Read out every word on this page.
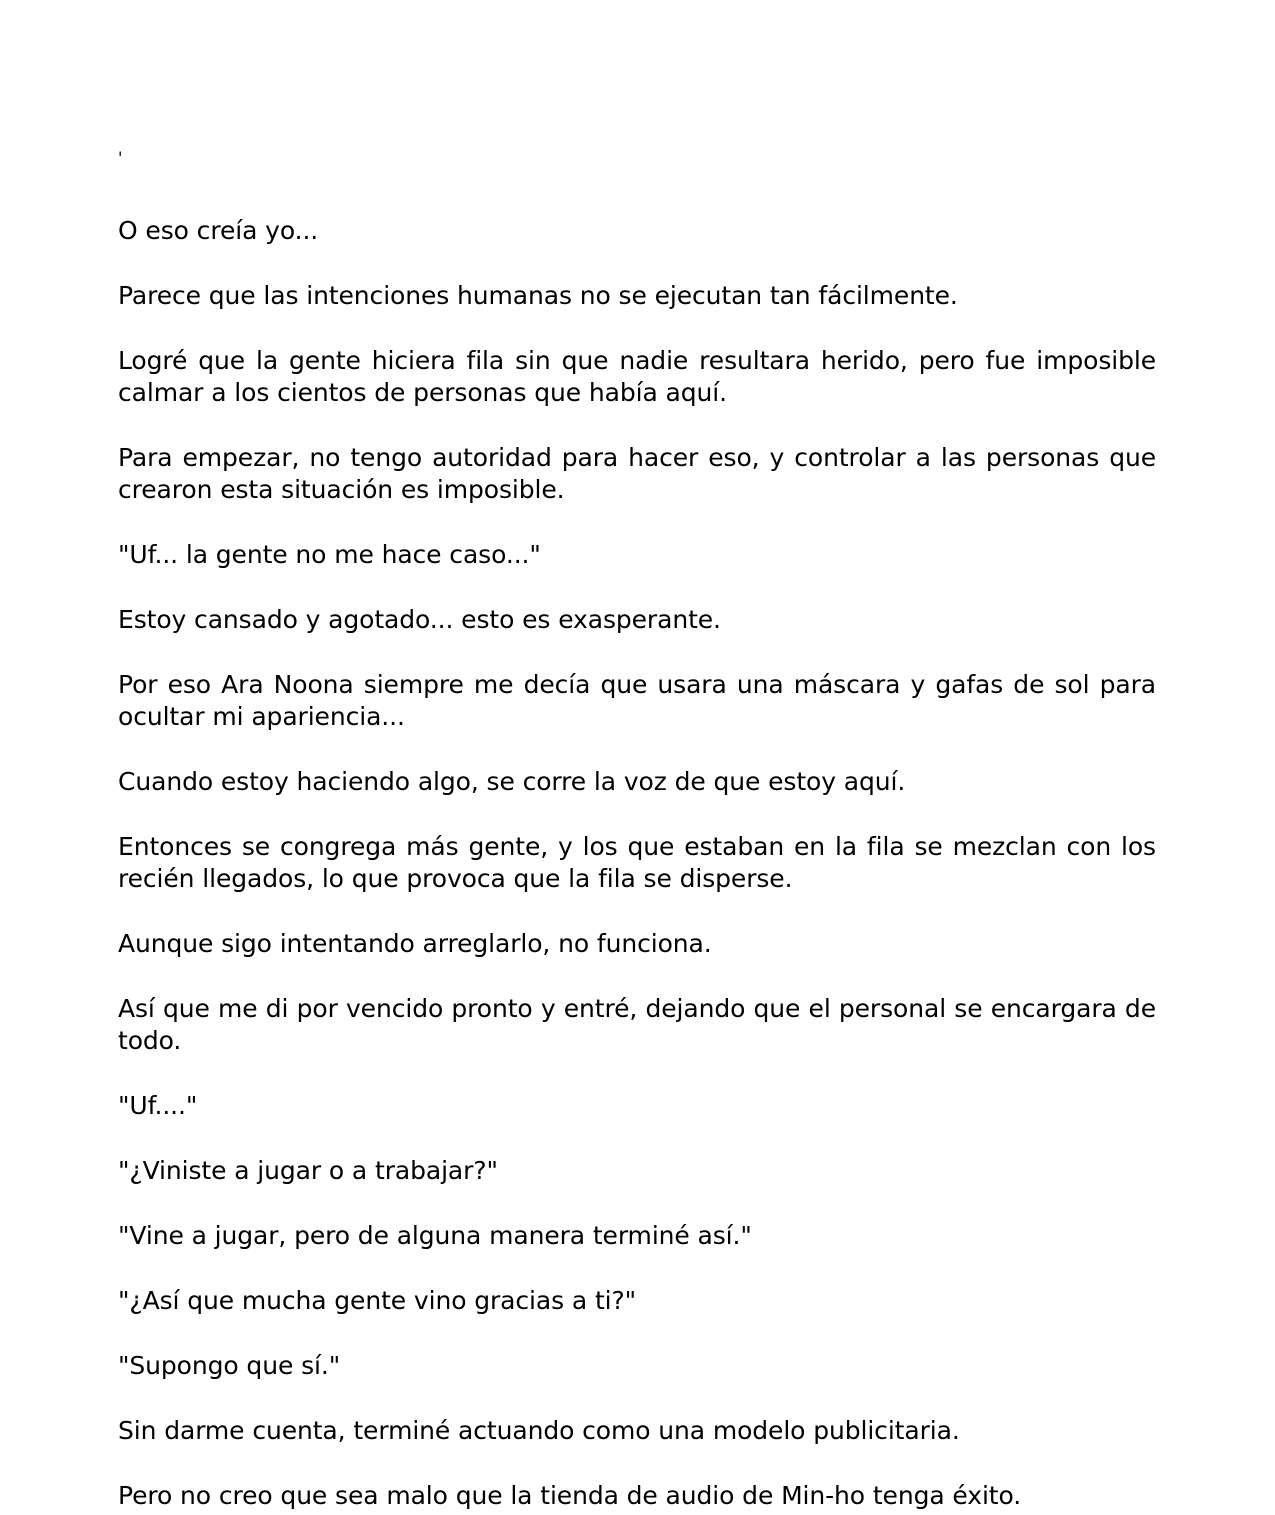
'

O eso creía yo...

Parece que las intenciones humanas no se ejecutan tan fácilmente.

Logré que la gente hiciera fila sin que nadie resultara herido, pero fue imposible calmar a los cientos de personas que había aquí.

Para empezar, no tengo autoridad para hacer eso, y controlar a las personas que crearon esta situación es imposible.

"Uf... la gente no me hace caso..."

Estoy cansado y agotado... esto es exasperante.

Por eso Ara Noona siempre me decía que usara una máscara y gafas de sol para ocultar mi apariencia...

Cuando estoy haciendo algo, se corre la voz de que estoy aquí.

Entonces se congrega más gente, y los que estaban en la fila se mezclan con los recién llegados, lo que provoca que la fila se disperse.

Aunque sigo intentando arreglarlo, no funciona.

Así que me di por vencido pronto y entré, dejando que el personal se encargara de todo.

"Uf...."

"¿Viniste a jugar o a trabajar?"

"Vine a jugar, pero de alguna manera terminé así."

"¿Así que mucha gente vino gracias a ti?"

"Supongo que sí."

Sin darme cuenta, terminé actuando como una modelo publicitaria.

Pero no creo que sea malo que la tienda de audio de Min-ho tenga éxito.
